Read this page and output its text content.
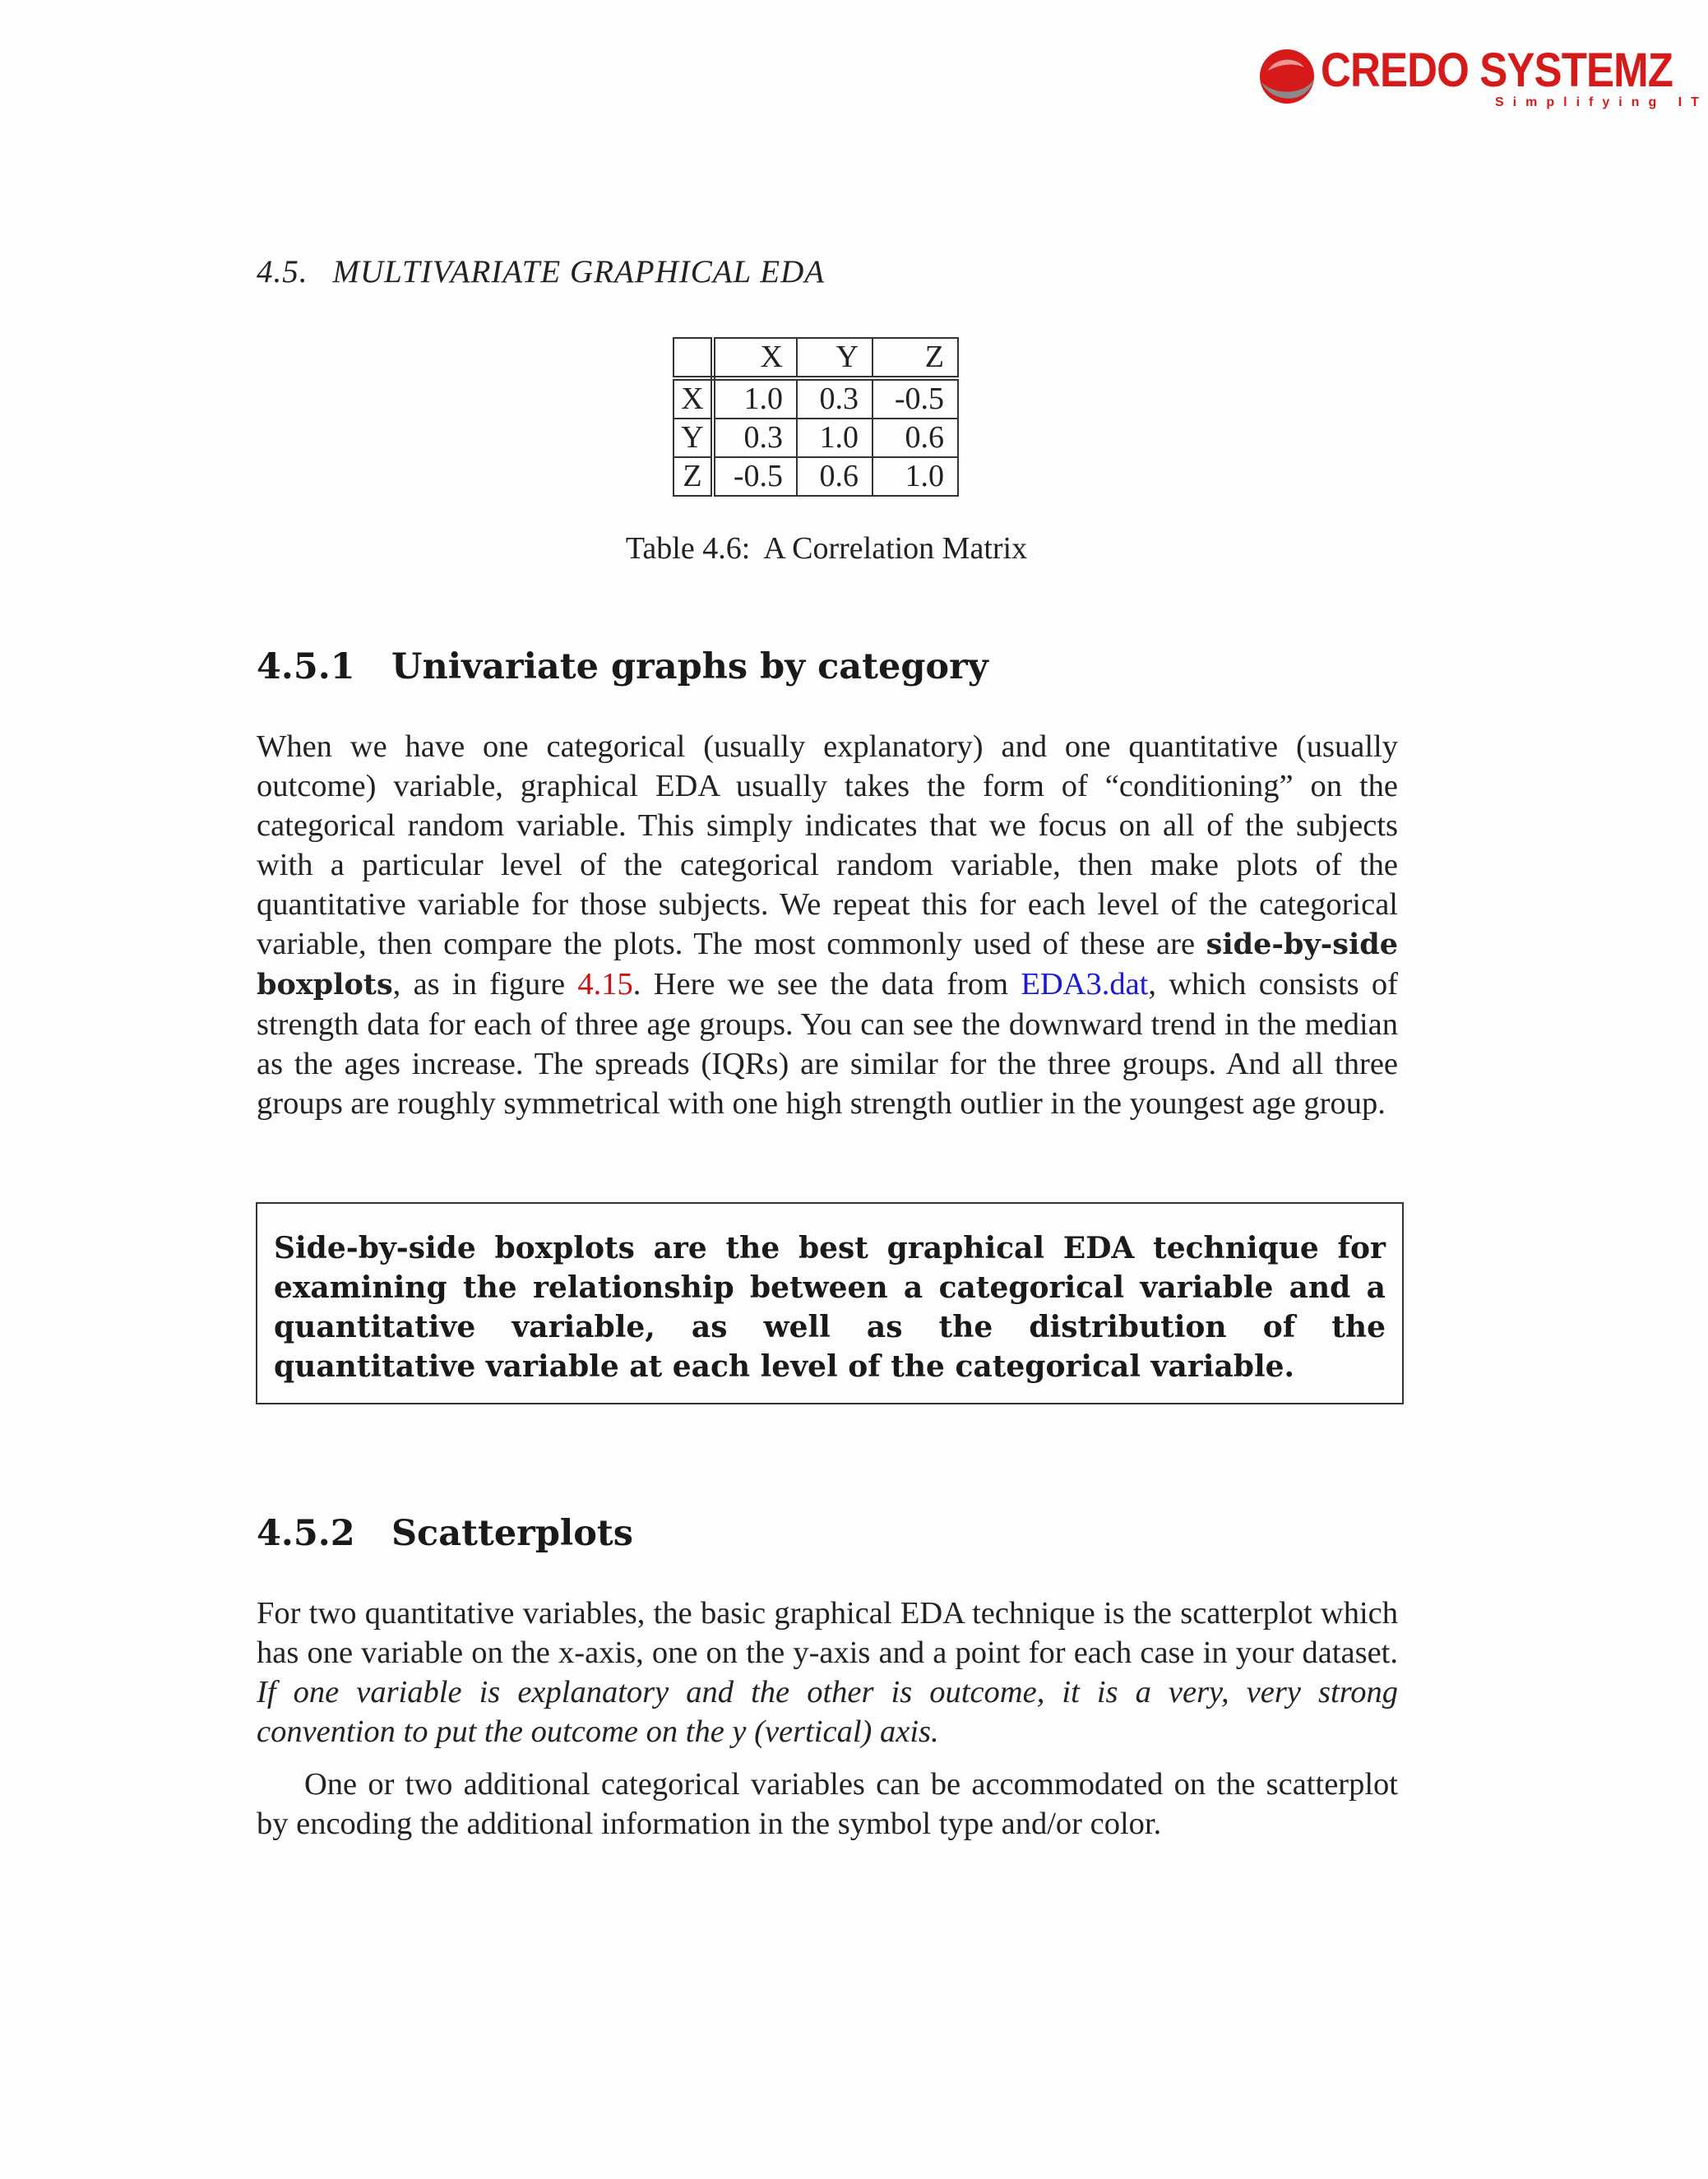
CREDO SYSTEMZ
Simplifying IT
4.5. MULTIVARIATE GRAPHICAL EDA
	X	Y	Z
X	1.0	0.3	-0.5
Y	0.3	1.0	0.6
Z	-0.5	0.6	1.0
Table 4.6: A Correlation Matrix
4.5.1 Univariate graphs by category

When we have one categorical (usually explanatory) and one quantitative (usually outcome) variable, graphical EDA usually takes the form of “conditioning” on the categorical random variable. This simply indicates that we focus on all of the subjects with a particular level of the categorical random variable, then make plots of the quantitative variable for those subjects. We repeat this for each level of the categorical variable, then compare the plots. The most commonly used of these are side-by-side boxplots, as in figure 4.15. Here we see the data from EDA3.dat, which consists of strength data for each of three age groups. You can see the downward trend in the median as the ages increase. The spreads (IQRs) are similar for the three groups. And all three groups are roughly symmetrical with one high strength outlier in the youngest age group.

Side-by-side boxplots are the best graphical EDA technique for examining the relationship between a categorical variable and a quantitative variable, as well as the distribution of the quantitative variable at each level of the categorical variable.

4.5.2 Scatterplots

For two quantitative variables, the basic graphical EDA technique is the scatterplot which has one variable on the x-axis, one on the y-axis and a point for each case in your dataset. If one variable is explanatory and the other is outcome, it is a very, very strong convention to put the outcome on the y (vertical) axis.

One or two additional categorical variables can be accommodated on the scatterplot by encoding the additional information in the symbol type and/or color.
